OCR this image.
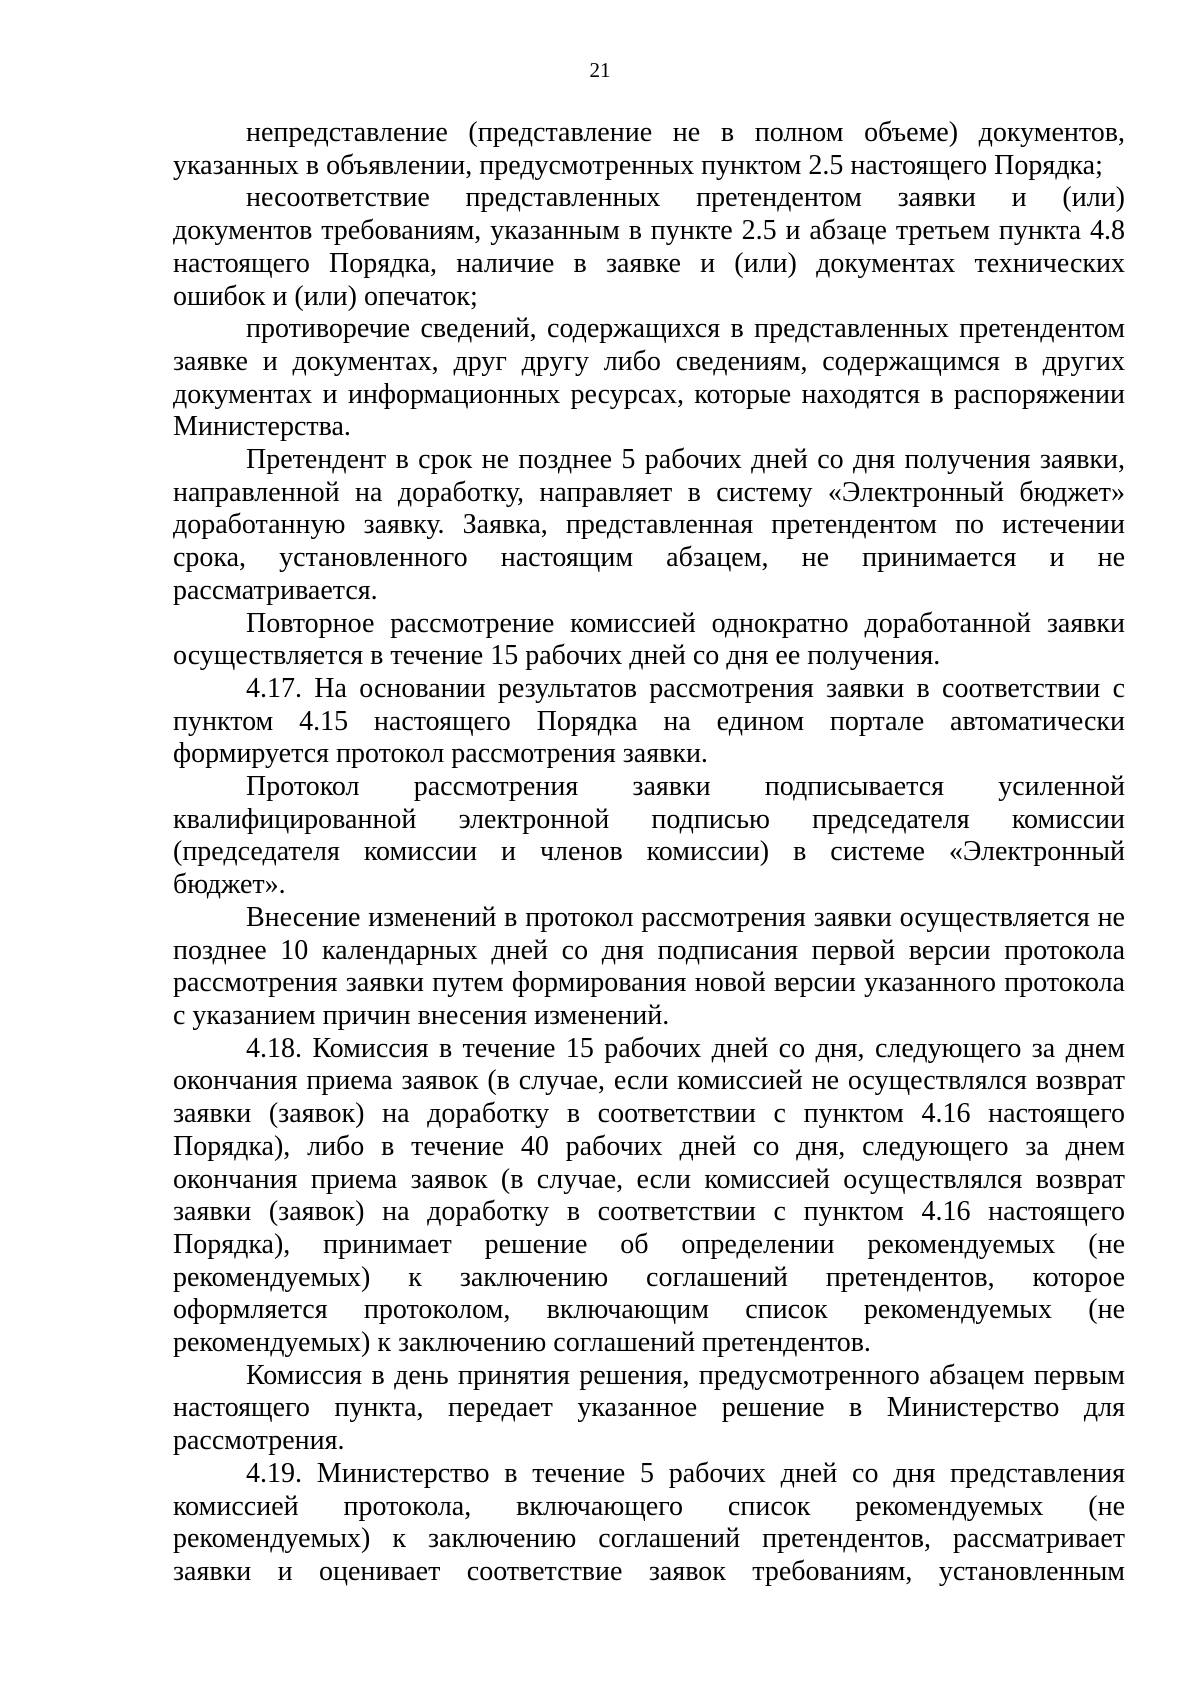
21

непредставление (представление не в полном объеме) документов, указанных в объявлении, предусмотренных пунктом 2.5 настоящего Порядка;

несоответствие представленных претендентом заявки и (или) документов требованиям, указанным в пункте 2.5 и абзаце третьем пункта 4.8 настоящего Порядка, наличие в заявке и (или) документах технических ошибок и (или) опечаток;

противоречие сведений, содержащихся в представленных претендентом заявке и документах, друг другу либо сведениям, содержащимся в других документах и информационных ресурсах, которые находятся в распоряжении Министерства.

Претендент в срок не позднее 5 рабочих дней со дня получения заявки, направленной на доработку, направляет в систему «Электронный бюджет» доработанную заявку. Заявка, представленная претендентом по истечении срока, установленного настоящим абзацем, не принимается и не рассматривается.

Повторное рассмотрение комиссией однократно доработанной заявки осуществляется в течение 15 рабочих дней со дня ее получения.

4.17. На основании результатов рассмотрения заявки в соответствии с пунктом 4.15 настоящего Порядка на едином портале автоматически формируется протокол рассмотрения заявки.

Протокол рассмотрения заявки подписывается усиленной квалифицированной электронной подписью председателя комиссии (председателя комиссии и членов комиссии) в системе «Электронный бюджет».

Внесение изменений в протокол рассмотрения заявки осуществляется не позднее 10 календарных дней со дня подписания первой версии протокола рассмотрения заявки путем формирования новой версии указанного протокола с указанием причин внесения изменений.

4.18. Комиссия в течение 15 рабочих дней со дня, следующего за днем окончания приема заявок (в случае, если комиссией не осуществлялся возврат заявки (заявок) на доработку в соответствии с пунктом 4.16 настоящего Порядка), либо в течение 40 рабочих дней со дня, следующего за днем окончания приема заявок (в случае, если комиссией осуществлялся возврат заявки (заявок) на доработку в соответствии с пунктом 4.16 настоящего Порядка), принимает решение об определении рекомендуемых (не рекомендуемых) к заключению соглашений претендентов, которое оформляется протоколом, включающим список рекомендуемых (не рекомендуемых) к заключению соглашений претендентов.

Комиссия в день принятия решения, предусмотренного абзацем первым настоящего пункта, передает указанное решение в Министерство для рассмотрения.

4.19. Министерство в течение 5 рабочих дней со дня представления комиссией протокола, включающего список рекомендуемых (не рекомендуемых) к заключению соглашений претендентов, рассматривает заявки и оценивает соответствие заявок требованиям, установленным
